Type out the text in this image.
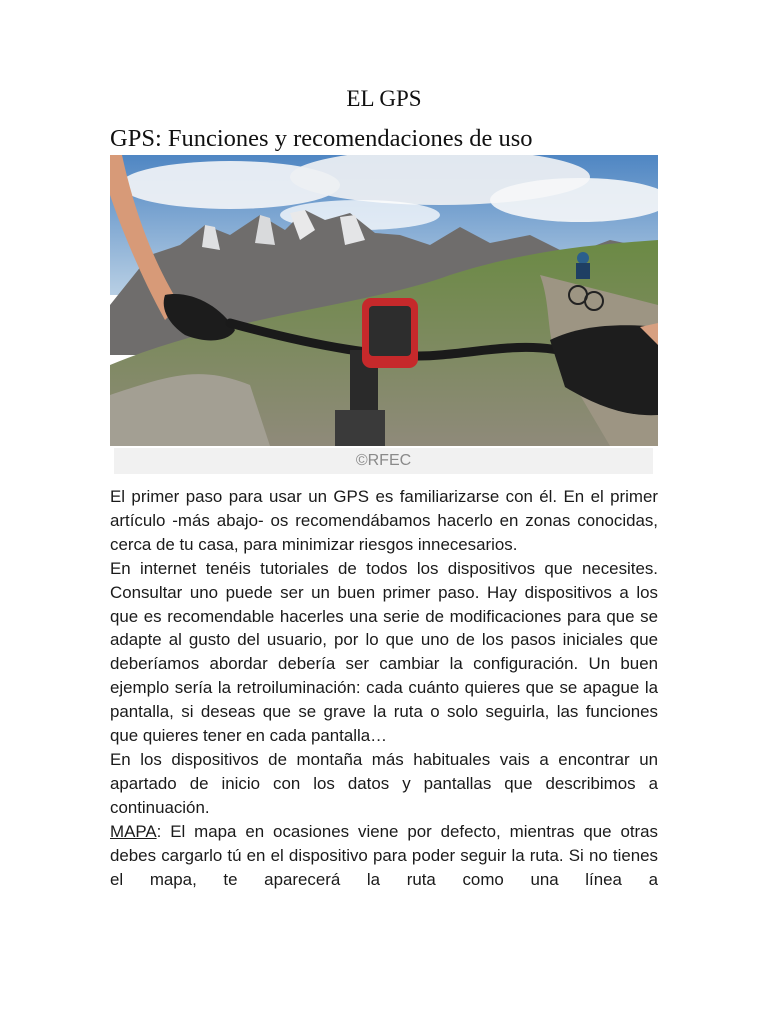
EL GPS
GPS: Funciones y recomendaciones de uso
©RFEC

El primer paso para usar un GPS es familiarizarse con él. En el primer artículo -más abajo- os recomendábamos hacerlo en zonas conocidas, cerca de tu casa, para minimizar riesgos innecesarios.

En internet tenéis tutoriales de todos los dispositivos que necesites. Consultar uno puede ser un buen primer paso. Hay dispositivos a los que es recomendable hacerles una serie de modificaciones para que se adapte al gusto del usuario, por lo que uno de los pasos iniciales que deberíamos abordar debería ser cambiar la configuración. Un buen ejemplo sería la retroiluminación: cada cuánto quieres que se apague la pantalla, si deseas que se grave la ruta o solo seguirla, las funciones que quieres tener en cada pantalla…

En los dispositivos de montaña más habituales vais a encontrar un apartado de inicio con los datos y pantallas que describimos a continuación.

MAPA: El mapa en ocasiones viene por defecto, mientras que otras debes cargarlo tú en el dispositivo para poder seguir la ruta. Si no tienes el mapa, te aparecerá la ruta como una línea a
